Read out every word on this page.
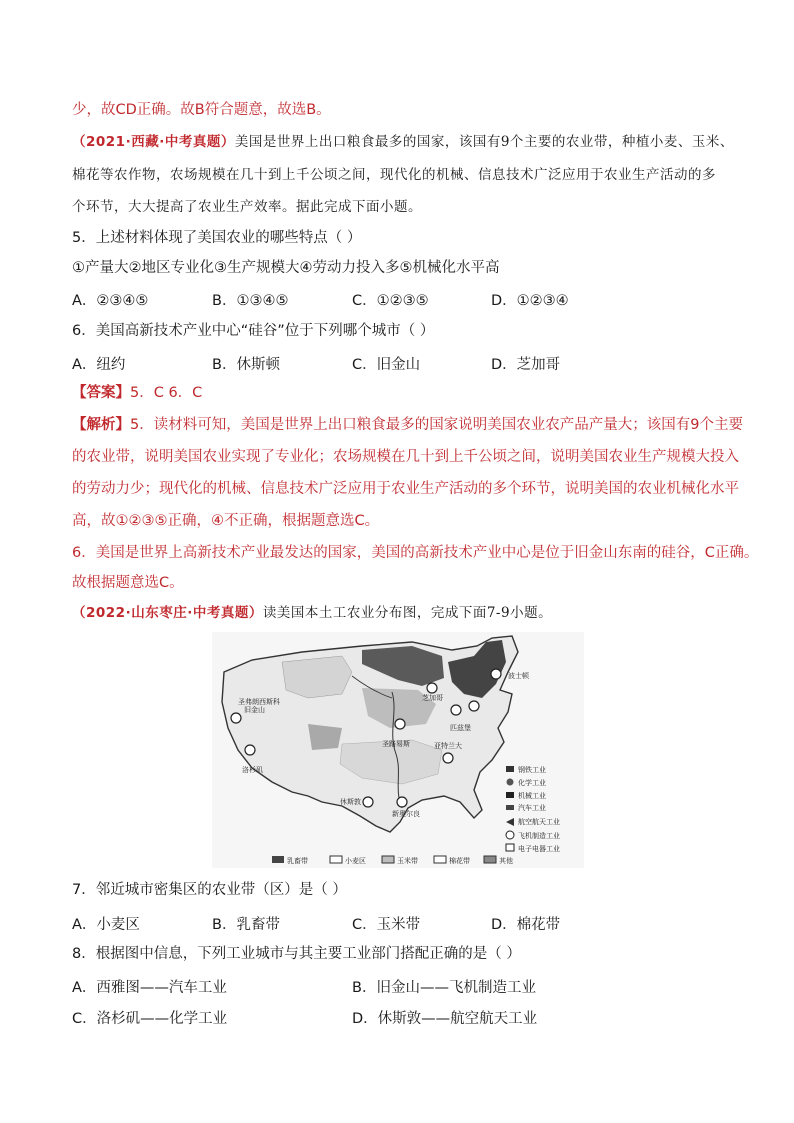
少，故CD正确。故B符合题意，故选B。
（2021·西藏·中考真题）美国是世界上出口粮食最多的国家，该国有9个主要的农业带，种植小麦、玉米、
棉花等农作物，农场规模在几十到上千公顷之间，现代化的机械、信息技术广泛应用于农业生产活动的多
个环节，大大提高了农业生产效率。据此完成下面小题。
5．上述材料体现了美国农业的哪些特点（ ）
①产量大②地区专业化③生产规模大④劳动力投入多⑤机械化水平高
A．②③④⑤	B．①③④⑤	C．①②③⑤	D．①②③④
6．美国高新技术产业中心“硅谷”位于下列哪个城市（ ）
A．纽约	B．休斯顿	C．旧金山	D．芝加哥
【答案】5．C 6．C
【解析】5．读材料可知，美国是世界上出口粮食最多的国家说明美国农业农产品产量大；该国有9个主要
的农业带，说明美国农业实现了专业化；农场规模在几十到上千公顷之间，说明美国农业生产规模大投入
的劳动力少；现代化的机械、信息技术广泛应用于农业生产活动的多个环节，说明美国的农业机械化水平
高，故①②③⑤正确，④不正确，根据题意选C。
6．美国是世界上高新技术产业最发达的国家，美国的高新技术产业中心是位于旧金山东南的硅谷，C正确。
故根据题意选C。
（2022·山东枣庄·中考真题）读美国本土工农业分布图，完成下面7-9小题。
圣弗朗西斯科
旧金山
洛杉矶
休斯敦
新奥尔良
圣路易斯
芝加哥
匹兹堡
亚特兰大
波士顿
钢铁工业
化学工业
机械工业
汽车工业
航空航天工业
飞机制造工业
电子电器工业
乳畜带	小麦区	玉米带	棉花带	其他
7．邻近城市密集区的农业带（区）是（ ）
A．小麦区	B．乳畜带	C．玉米带	D．棉花带
8．根据图中信息，下列工业城市与其主要工业部门搭配正确的是（ ）
A．西雅图——汽车工业	B．旧金山——飞机制造工业
C．洛杉矶——化学工业	D．休斯敦——航空航天工业
